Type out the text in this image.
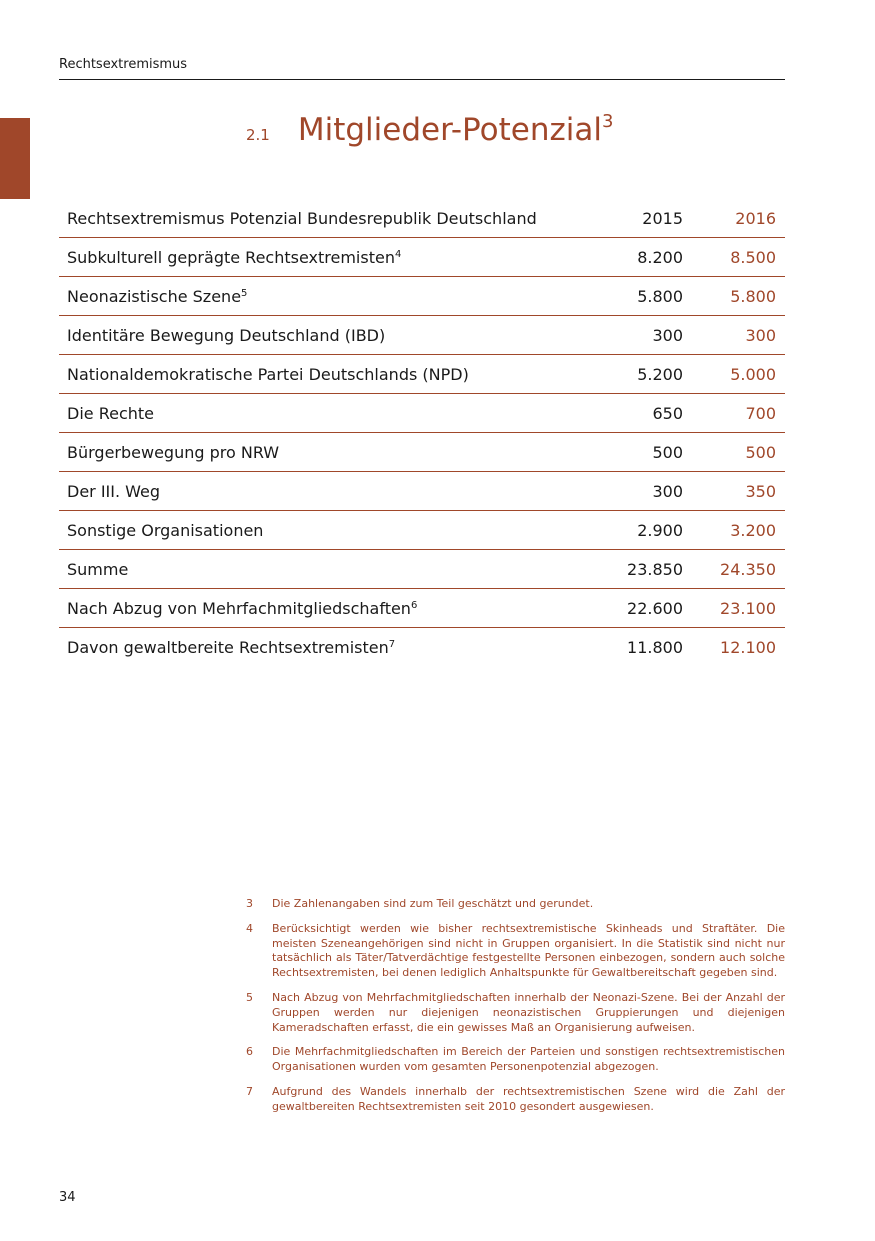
Rechtsextremismus
2.1 Mitglieder-Potenzial$^3$
Rechtsextremismus Potenzial Bundesrepublik Deutschland	2015	2016
Subkulturell geprägte Rechtsextremisten$^4$	8.200	8.500
Neonazistische Szene$^5$	5.800	5.800
Identitäre Bewegung Deutschland (IBD)	300	300
Nationaldemokratische Partei Deutschlands (NPD)	5.200	5.000
Die Rechte	650	700
Bürgerbewegung pro NRW	500	500
Der III. Weg	300	350
Sonstige Organisationen	2.900	3.200
Summe	23.850	24.350
Nach Abzug von Mehrfachmitgliedschaften$^6$	22.600	23.100
Davon gewaltbereite Rechtsextremisten$^7$	11.800	12.100
3	Die Zahlenangaben sind zum Teil geschätzt und gerundet.
4	Berücksichtigt werden wie bisher rechtsextremistische Skinheads und Straftäter. Die meisten Szeneangehörigen sind nicht in Gruppen organisiert. In die Statistik sind nicht nur tatsächlich als Täter/Tatverdächtige festgestellte Personen einbezogen, sondern auch solche Rechtsextremisten, bei denen lediglich Anhaltspunkte für Gewaltbereitschaft gegeben sind.
5	Nach Abzug von Mehrfachmitgliedschaften innerhalb der Neonazi-Szene. Bei der Anzahl der Gruppen werden nur diejenigen neonazistischen Gruppierungen und diejenigen Kameradschaften erfasst, die ein gewisses Maß an Organisierung aufweisen.
6	Die Mehrfachmitgliedschaften im Bereich der Parteien und sonstigen rechtsextremistischen Organisationen wurden vom gesamten Personenpotenzial abgezogen.
7	Aufgrund des Wandels innerhalb der rechtsextremistischen Szene wird die Zahl der gewaltbereiten Rechtsextremisten seit 2010 gesondert ausgewiesen.
34
